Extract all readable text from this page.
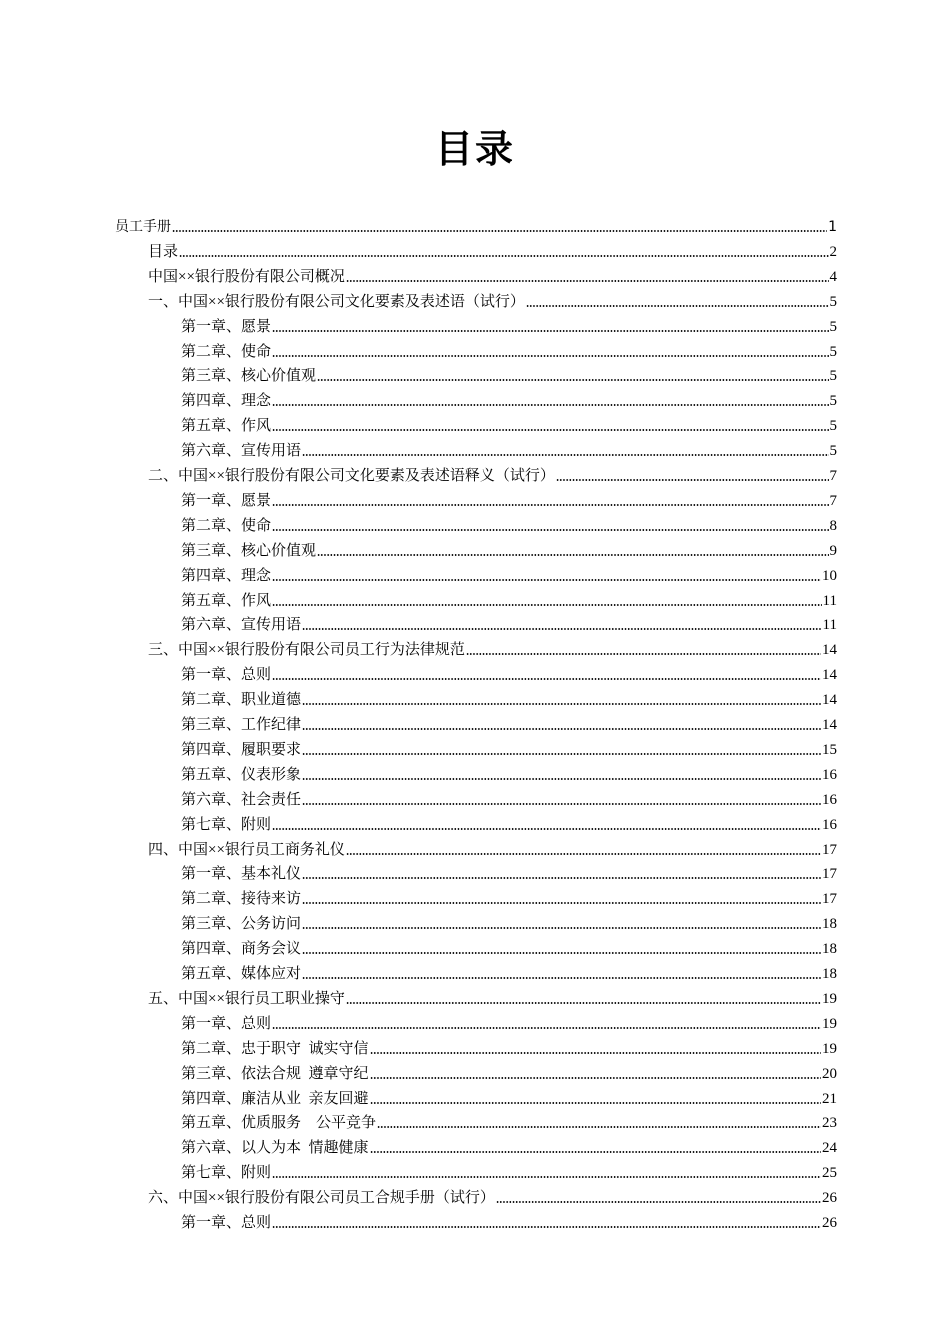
目录
员工手册	1
目录	2
中国××银行股份有限公司概况	4
一、中国××银行股份有限公司文化要素及表述语（试行）	5
第一章、愿景	5
第二章、使命	5
第三章、核心价值观	5
第四章、理念	5
第五章、作风	5
第六章、宣传用语	5
二、中国××银行股份有限公司文化要素及表述语释义（试行）	7
第一章、愿景	7
第二章、使命	8
第三章、核心价值观	9
第四章、理念	10
第五章、作风	11
第六章、宣传用语	11
三、中国××银行股份有限公司员工行为法律规范	14
第一章、总则	14
第二章、职业道德	14
第三章、工作纪律	14
第四章、履职要求	15
第五章、仪表形象	16
第六章、社会责任	16
第七章、附则	16
四、中国××银行员工商务礼仪	17
第一章、基本礼仪	17
第二章、接待来访	17
第三章、公务访问	18
第四章、商务会议	18
第五章、媒体应对	18
五、中国××银行员工职业操守	19
第一章、总则	19
第二章、忠于职守  诚实守信	19
第三章、依法合规  遵章守纪	20
第四章、廉洁从业  亲友回避	21
第五章、优质服务    公平竞争	23
第六章、以人为本  情趣健康	24
第七章、附则	25
六、中国××银行股份有限公司员工合规手册（试行）	26
第一章、总则	26
